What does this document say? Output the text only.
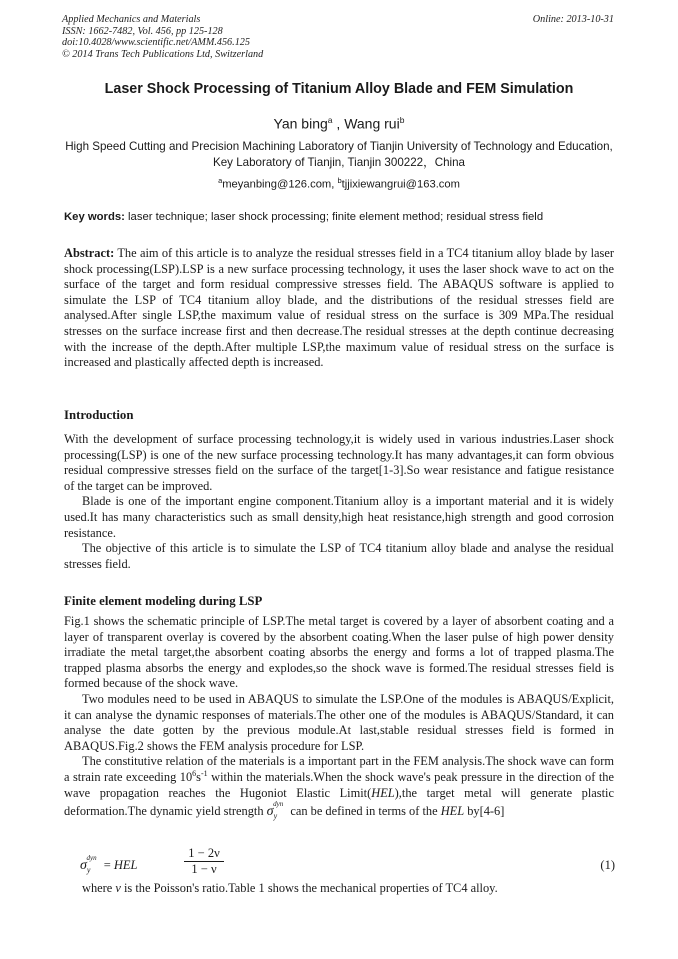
Applied Mechanics and Materials
ISSN: 1662-7482, Vol. 456, pp 125-128
doi:10.4028/www.scientific.net/AMM.456.125
© 2014 Trans Tech Publications Ltd, Switzerland
Online: 2013-10-31
Laser Shock Processing of Titanium Alloy Blade and FEM Simulation
Yan bing$^a$ , Wang rui$^b$
High Speed Cutting and Precision Machining Laboratory of Tianjin University of Technology and Education, Key Laboratory of Tianjin, Tianjin 300222，China
$^a$meyanbing@126.com, $^b$tjjixiewangrui@163.com
Key words: laser technique; laser shock processing; finite element method; residual stress field

Abstract: The aim of this article is to analyze the residual stresses field in a TC4 titanium alloy blade by laser shock processing(LSP).LSP is a new surface processing technology, it uses the laser shock wave to act on the surface of the target and form residual compressive stresses field. The ABAQUS software is applied to simulate the LSP of TC4 titanium alloy blade, and the distributions of the residual stresses field are analysed.After single LSP,the maximum value of residual stress on the surface is 309 MPa.The residual stresses on the surface increase first and then decrease.The residual stresses at the depth continue decreasing with the increase of the depth.After multiple LSP,the maximum value of residual stress on the surface is increased and plastically affected depth is increased.

Introduction

With the development of surface processing technology,it is widely used in various industries.Laser shock processing(LSP) is one of the new surface processing technology.It has many advantages,it can form obvious residual compressive stresses field on the surface of the target[1-3].So wear resistance and fatigue resistance of the target can be improved.

Blade is one of the important engine component.Titanium alloy is a important material and it is widely used.It has many characteristics such as small density,high heat resistance,high strength and good corrosion resistance.

The objective of this article is to simulate the LSP of TC4 titanium alloy blade and analyse the residual stresses field.

Finite element modeling during LSP

Fig.1 shows the schematic principle of LSP.The metal target is covered by a layer of absorbent coating and a layer of transparent overlay is covered by the absorbent coating.When the laser pulse of high power density irradiate the metal target,the absorbent coating absorbs the energy and forms a lot of trapped plasma.The trapped plasma absorbs the energy and explodes,so the shock wave is formed.The residual stresses field is formed because of the shock wave.

Two modules need to be used in ABAQUS to simulate the LSP.One of the modules is ABAQUS/Explicit, it can analyse the dynamic responses of materials.The other one of the modules is ABAQUS/Standard, it can analyse the date gotten by the previous module.At last,stable residual stresses field is formed in ABAQUS.Fig.2 shows the FEM analysis procedure for LSP.

The constitutive relation of the materials is a important part in the FEM analysis.The shock wave can form a strain rate exceeding $10^6s^{-1}$ within the materials.When the shock wave's peak pressure in the direction of the wave propagation reaches the Hugoniot Elastic Limit(HEL),the target metal will generate plastic deformation.The dynamic yield strength $\sigma_y^{dyn}$ can be defined in terms of the HEL by[4-6]

$\sigma_y^{dyn}$ = HEL	$\frac{1 - 2\nu}{1 - \nu}$	(1)
where ν is the Poisson's ratio.Table 1 shows the mechanical properties of TC4 alloy.
